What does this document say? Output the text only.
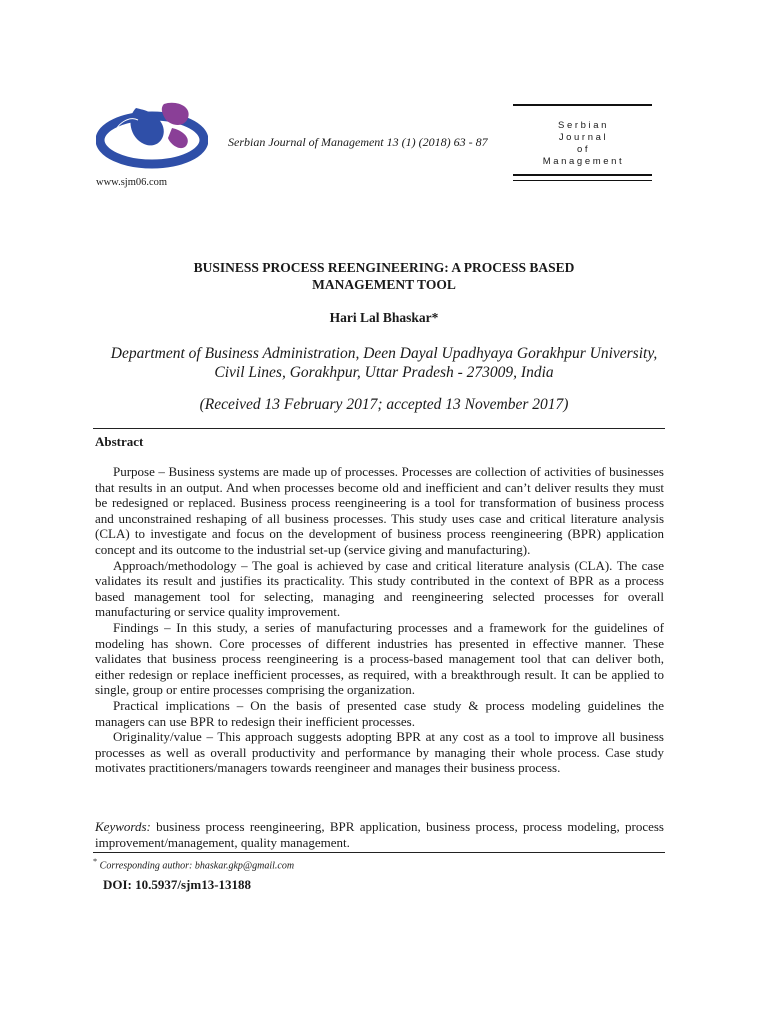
www.sjm06.com
Serbian Journal of Management 13 (1) (2018) 63 - 87
Serbian
Journal
of
Management
BUSINESS PROCESS REENGINEERING: A PROCESS BASED
MANAGEMENT TOOL
Hari Lal Bhaskar*
Department of Business Administration, Deen Dayal Upadhyaya Gorakhpur University,
Civil Lines, Gorakhpur, Uttar Pradesh - 273009, India
(Received 13 February 2017; accepted 13 November 2017)
Abstract

Purpose – Business systems are made up of processes. Processes are collection of activities of businesses that results in an output. And when processes become old and inefficient and can’t deliver results they must be redesigned or replaced. Business process reengineering is a tool for transformation of business process and unconstrained reshaping of all business processes. This study uses case and critical literature analysis (CLA) to investigate and focus on the development of business process reengineering (BPR) application concept and its outcome to the industrial set-up (service giving and manufacturing).

Approach/methodology – The goal is achieved by case and critical literature analysis (CLA). The case validates its result and justifies its practicality. This study contributed in the context of BPR as a process based management tool for selecting, managing and reengineering selected processes for overall manufacturing or service quality improvement.

Findings – In this study, a series of manufacturing processes and a framework for the guidelines of modeling has shown. Core processes of different industries has presented in effective manner. These validates that business process reengineering is a process-based management tool that can deliver both, either redesign or replace inefficient processes, as required, with a breakthrough result. It can be applied to single, group or entire processes comprising the organization.

Practical implications – On the basis of presented case study & process modeling guidelines the managers can use BPR to redesign their inefficient processes.

Originality/value – This approach suggests adopting BPR at any cost as a tool to improve all business processes as well as overall productivity and performance by managing their whole process. Case study motivates practitioners/managers towards reengineer and manages their business process.

Keywords: business process reengineering, BPR application, business process, process modeling, process improvement/management, quality management.
* Corresponding author: bhaskar.gkp@gmail.com
DOI: 10.5937/sjm13-13188
